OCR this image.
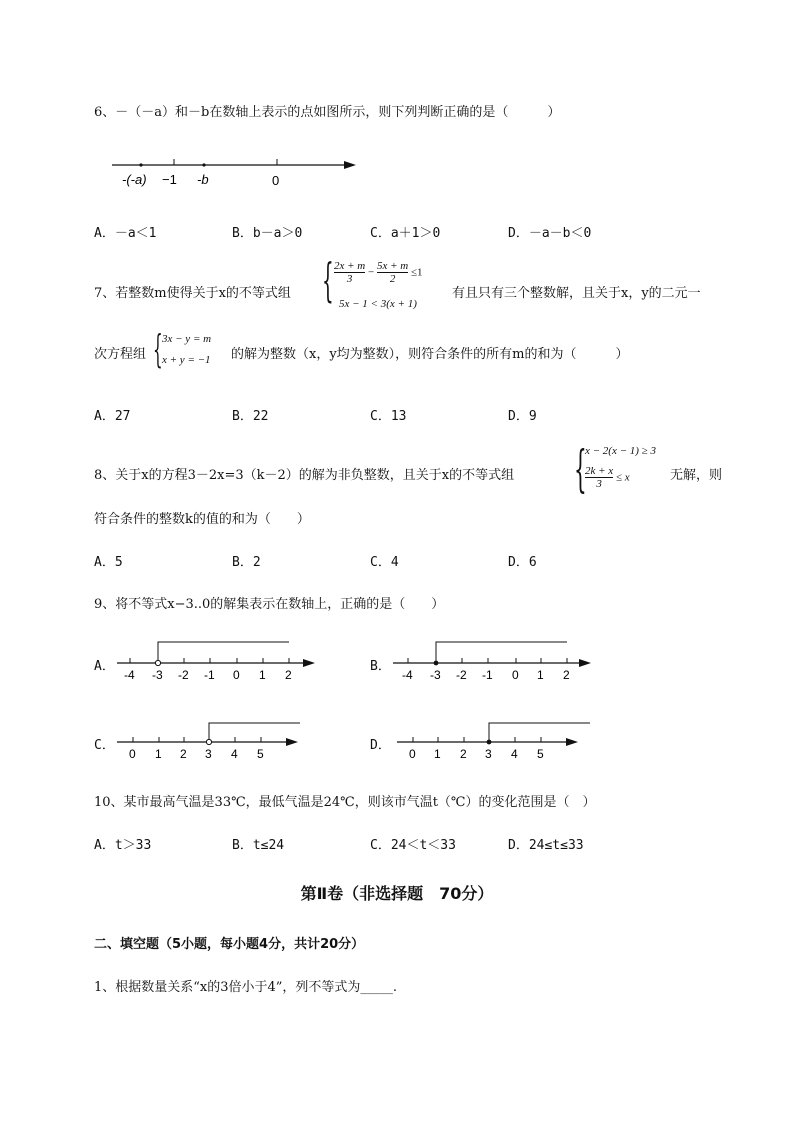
6、－（－a）和－b在数轴上表示的点如图所示，则下列判断正确的是（　　　）
-(-a) −1 -b	0
A．－a＜1	B．b－a＞0	C．a＋1＞0	D．－a－b＜0
7、若整数m使得关于x的不等式组 { $\frac{2x + m}{3} - \frac{5x + m}{2} \le 1$
5x − 1 < 3(x + 1)
有且只有三个整数解，且关于x，y的二元一
次方程组 { 3x − y = m
x + y = −1 的解为整数（x，y均为整数），则符合条件的所有m的和为（　　　）
A．27	B．22	C．13	D．9
8、关于x的方程3－2x=3（k－2）的解为非负整数，且关于x的不等式组 {
x − 2(x − 1) ≥ 3
$\frac{2k + x}{3} \le x$	无解，则
符合条件的整数k的值的和为（　　）
A．5	B．2	C．4	D．6
9、将不等式x−3..0的解集表示在数轴上，正确的是（　　）
A．
-4 -3 -2 -1 0 1 2
B．
-4 -3 -2 -1 0 1 2
C．
0 1 2 3 4 5
D．
0 1 2 3 4 5
10、某市最高气温是33℃，最低气温是24℃，则该市气温t（℃）的变化范围是（　）
A．t＞33	B．t≤24	C．24＜t＜33	D．24≤t≤33
第Ⅱ卷（非选择题　70分）
二、填空题（5小题，每小题4分，共计20分）
1、根据数量关系“x的3倍小于4”，列不等式为_____.
